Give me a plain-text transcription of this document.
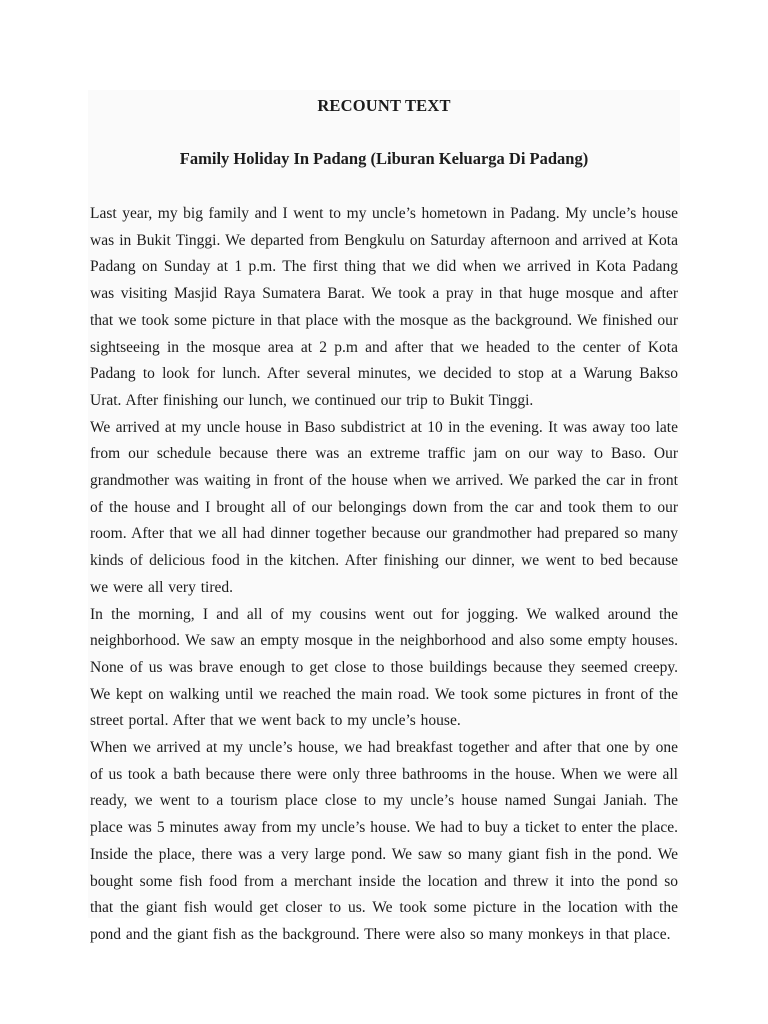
RECOUNT TEXT
Family Holiday In Padang (Liburan Keluarga Di Padang)

Last year, my big family and I went to my uncle’s hometown in Padang. My uncle’s house was in Bukit Tinggi. We departed from Bengkulu on Saturday afternoon and arrived at Kota Padang on Sunday at 1 p.m. The first thing that we did when we arrived in Kota Padang was visiting Masjid Raya Sumatera Barat. We took a pray in that huge mosque and after that we took some picture in that place with the mosque as the background. We finished our sightseeing in the mosque area at 2 p.m and after that we headed to the center of Kota Padang to look for lunch. After several minutes, we decided to stop at a Warung Bakso Urat. After finishing our lunch, we continued our trip to Bukit Tinggi.

We arrived at my uncle house in Baso subdistrict at 10 in the evening. It was away too late from our schedule because there was an extreme traffic jam on our way to Baso. Our grandmother was waiting in front of the house when we arrived. We parked the car in front of the house and I brought all of our belongings down from the car and took them to our room. After that we all had dinner together because our grandmother had prepared so many kinds of delicious food in the kitchen. After finishing our dinner, we went to bed because we were all very tired.

In the morning, I and all of my cousins went out for jogging. We walked around the neighborhood. We saw an empty mosque in the neighborhood and also some empty houses. None of us was brave enough to get close to those buildings because they seemed creepy. We kept on walking until we reached the main road. We took some pictures in front of the street portal. After that we went back to my uncle’s house.

When we arrived at my uncle’s house, we had breakfast together and after that one by one of us took a bath because there were only three bathrooms in the house. When we were all ready, we went to a tourism place close to my uncle’s house named Sungai Janiah. The place was 5 minutes away from my uncle’s house. We had to buy a ticket to enter the place. Inside the place, there was a very large pond. We saw so many giant fish in the pond. We bought some fish food from a merchant inside the location and threw it into the pond so that the giant fish would get closer to us. We took some picture in the location with the pond and the giant fish as the background. There were also so many monkeys in that place.
